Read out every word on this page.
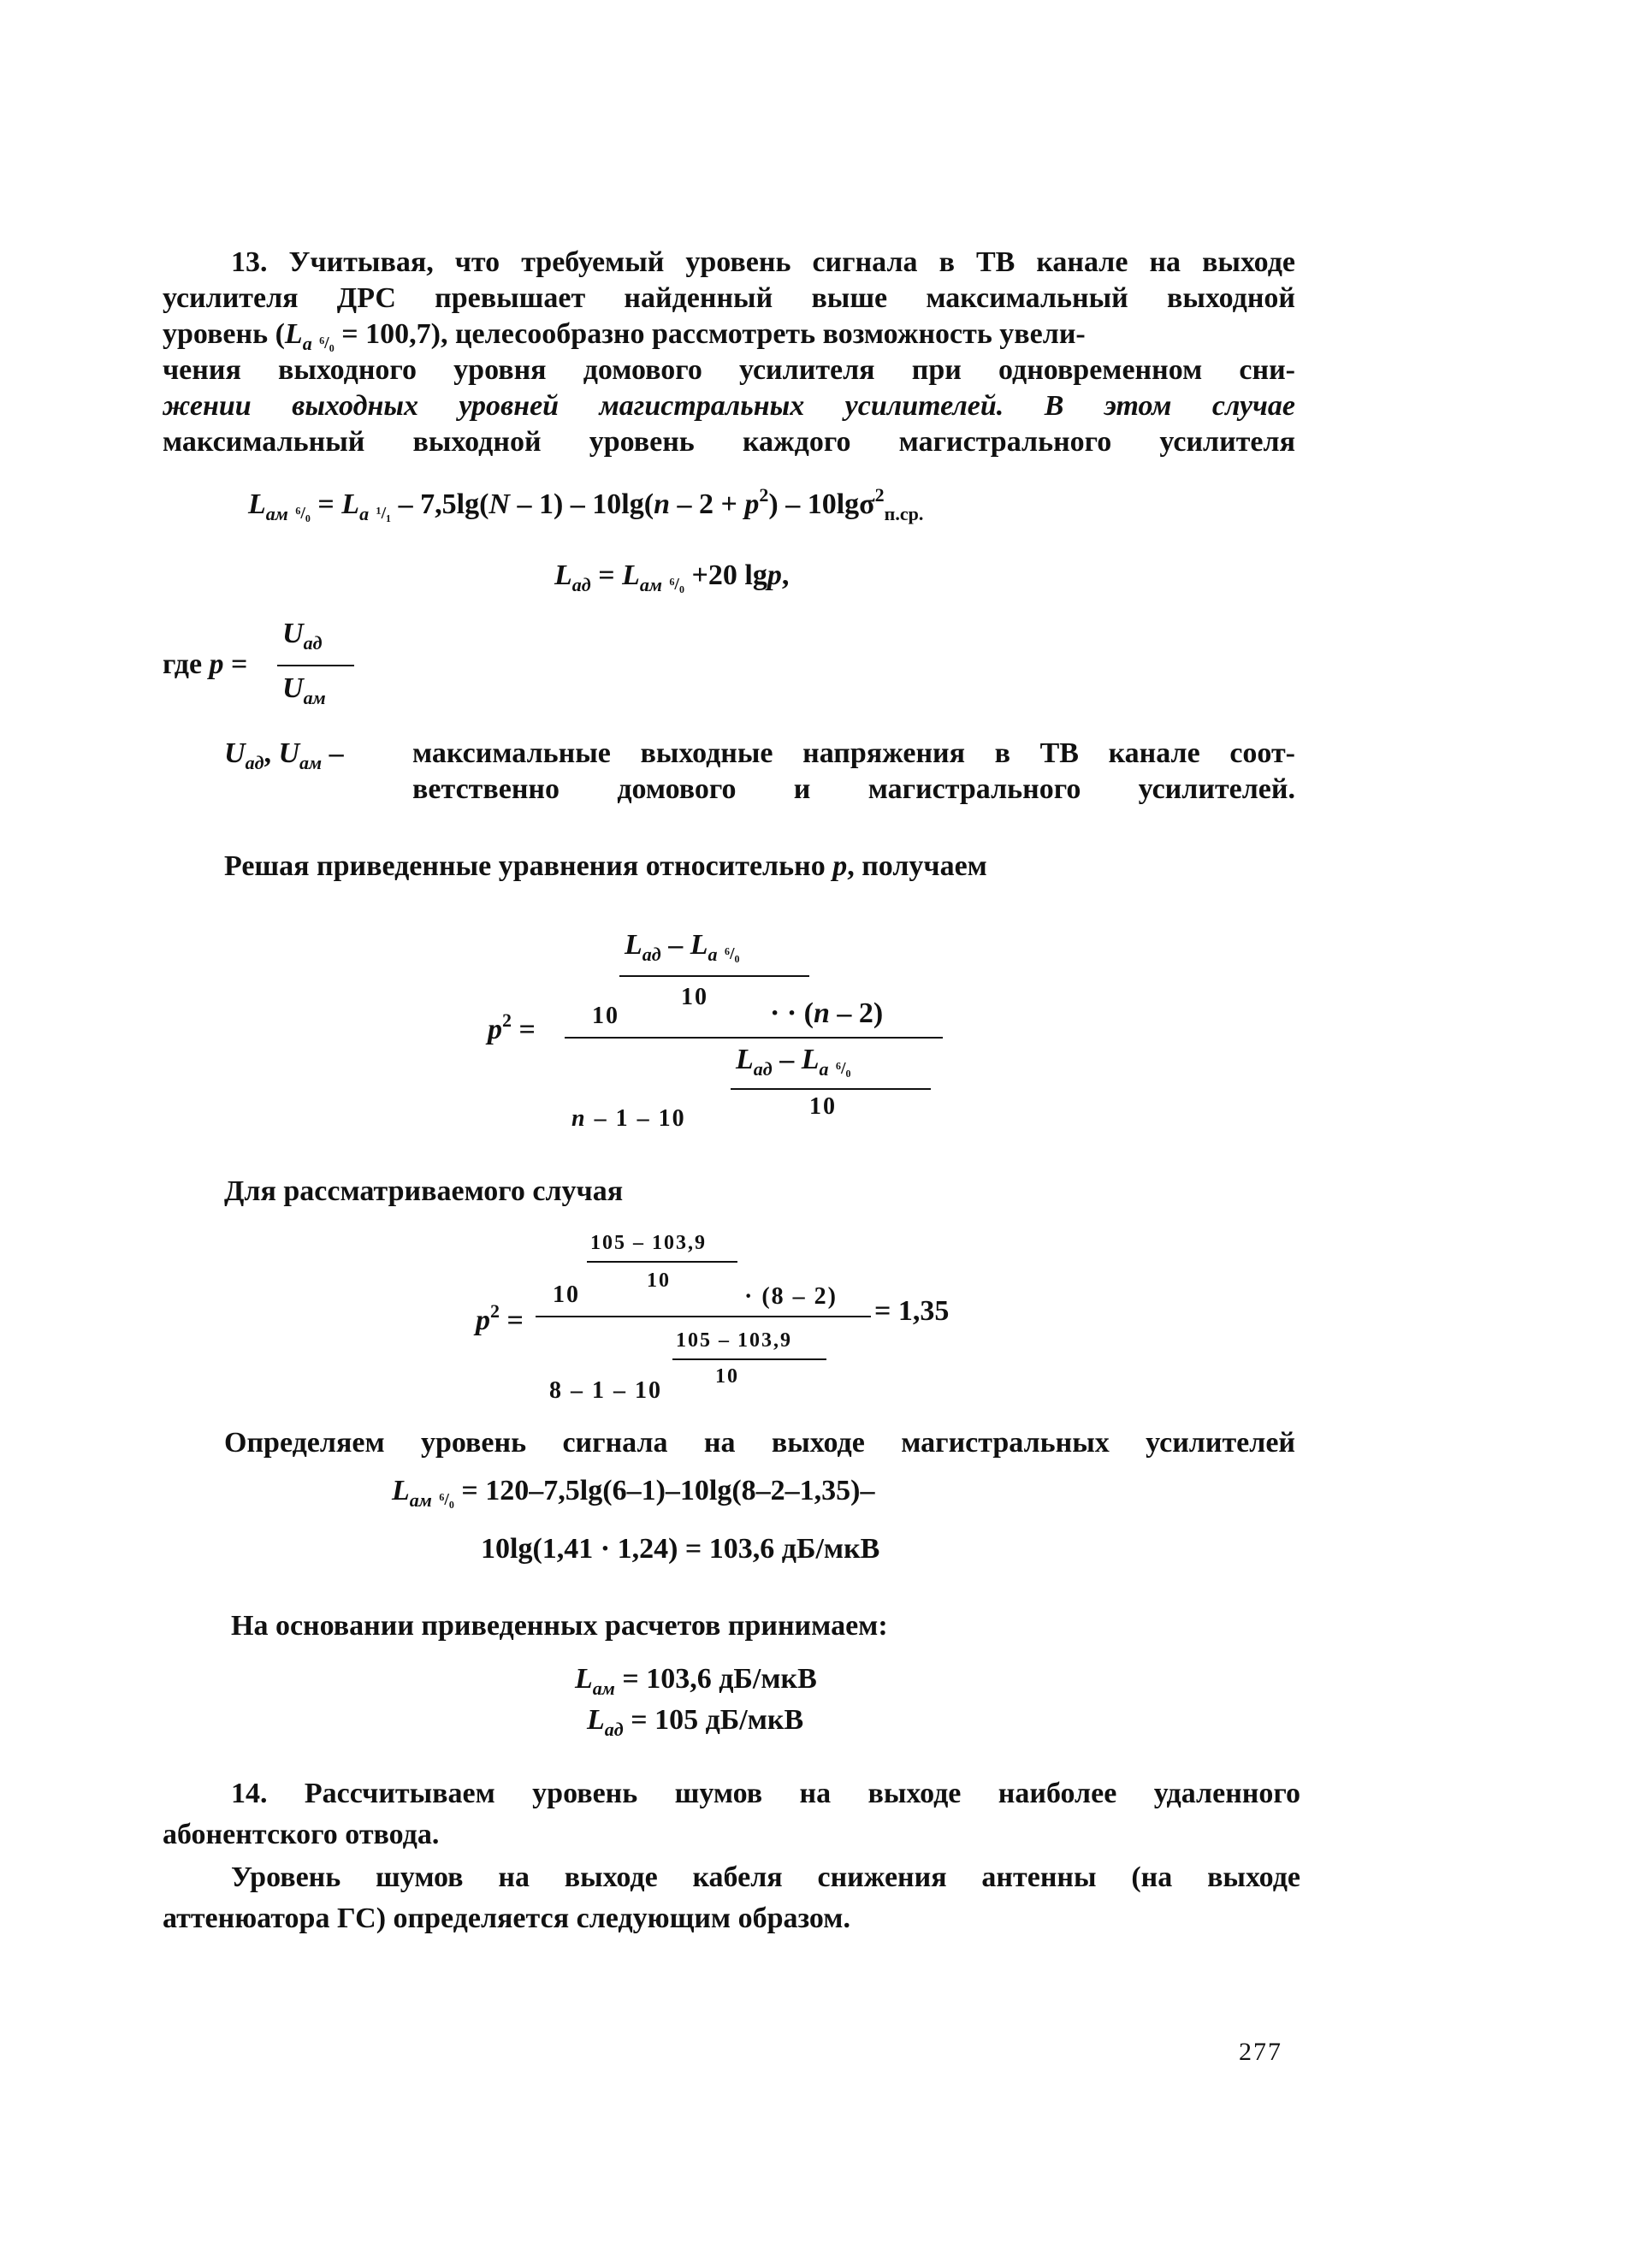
13. Учитывая, что требуемый уровень сигнала в ТВ канале на выходе
усилителя ДРС превышает найденный выше максимальный выходной
уровень ($L_a$ ⁶/₀ = 100,7), целесообразно рассмотреть возможность увели-
чения выходного уровня домового усилителя при одновременном сни-
жении выходных уровней магистральных усилителей. В этом случае
максимальный выходной уровень каждого магистрального усилителя
$L_{ам}$ $^6/_0 = L_a$ $^1/_1 - 7,5\lg(N - 1) - 10\lg(n - 2 + p^2) - 10\lg\sigma^2_{п.ср.}$
$L_{ад} = L_{ам}$ ⁶/₀ +20 lgp,
где p =
$U_{ад}$
$U_{ам}$
$U_{ад}$, $U_{ам}$ – максимальные выходные напряжения в ТВ канале соот-
ветственно домового и магистрального усилителей.
Решая приведенные уравнения относительно p, получаем
$p^2$ =
$L_{ад} - L_a$ ⁶/₀
10
10	· · (n – 2)
$L_{ад} - L_a$ ⁶/₀
10
n – 1 – 10
Для рассматриваемого случая
$p^2$ =
105 – 103,9
10
10	· (8 – 2) = 1,35
105 – 103,9
10
8 – 1 – 10
Определяем уровень сигнала на выходе магистральных усилителей
$L_{ам}$ ⁶/₀ = 120–7,5lg(6–1)–10lg(8–2–1,35)–
10lg(1,41 · 1,24) = 103,6 дБ/мкВ
На основании приведенных расчетов принимаем:
$L_{ам} = 103,6$ дБ/мкВ
$L_{ад} = 105$ дБ/мкВ
14. Рассчитываем уровень шумов на выходе наиболее удаленного
абонентского отвода.
Уровень шумов на выходе кабеля снижения антенны (на выходе
аттенюатора ГС) определяется следующим образом.
277
